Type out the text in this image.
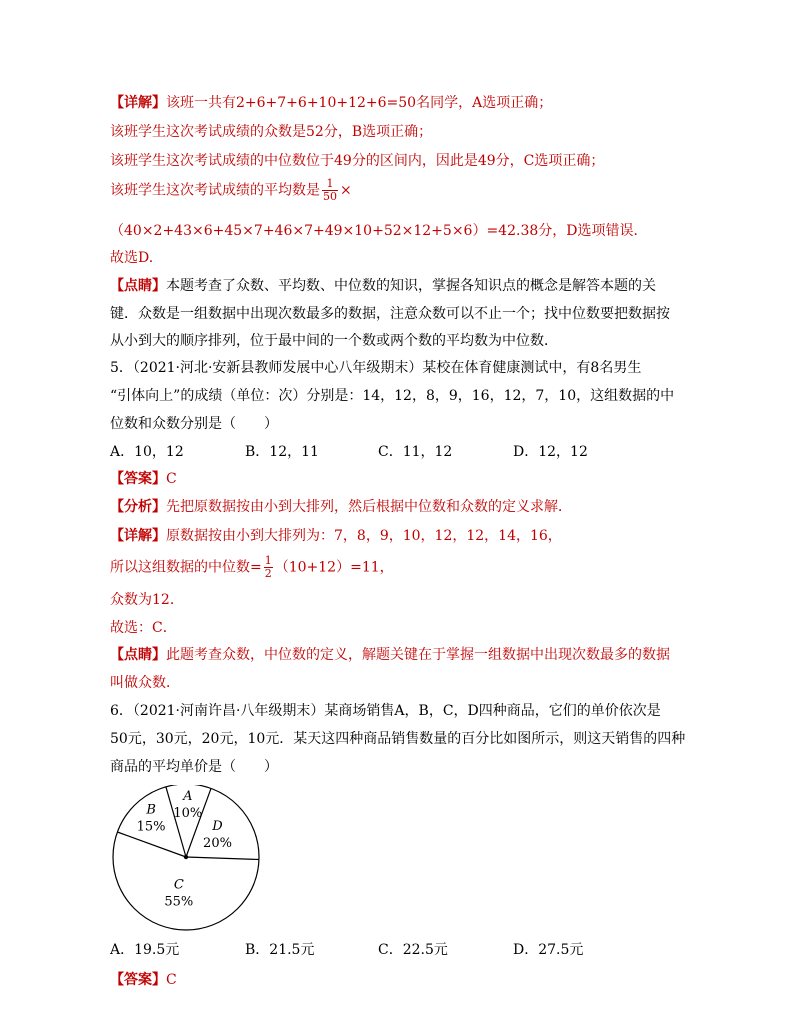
【详解】该班一共有2+6+7+6+10+12+6=50名同学，A选项正确；
该班学生这次考试成绩的众数是52分，B选项正确；
该班学生这次考试成绩的中位数位于49分的区间内，因此是49分，C选项正确；
该班学生这次考试成绩的平均数是 $\frac{1}{50}$ ×
（40×2+43×6+45×7+46×7+49×10+52×12+5×6）=42.38分，D选项错误．
故选D.
【点睛】本题考查了众数、平均数、中位数的知识，掌握各知识点的概念是解答本题的关
键．众数是一组数据中出现次数最多的数据，注意众数可以不止一个；找中位数要把数据按
从小到大的顺序排列，位于最中间的一个数或两个数的平均数为中位数．
5．（2021·河北·安新县教师发展中心八年级期末）某校在体育健康测试中，有8名男生
“引体向上”的成绩（单位：次）分别是：14，12，8，9，16，12，7，10，这组数据的中
位数和众数分别是（　　）
A．10，12	B．12，11	C．11，12	D．12，12
【答案】C
【分析】先把原数据按由小到大排列，然后根据中位数和众数的定义求解．
【详解】原数据按由小到大排列为：7，8，9，10，12，12，14，16，
所以这组数据的中位数= $\frac{1}{2} (10+12)=11$，
众数为12．
故选：C．
【点睛】此题考查众数，中位数的定义，解题关键在于掌握一组数据中出现次数最多的数据
叫做众数．
6．（2021·河南许昌·八年级期末）某商场销售A，B，C，D四种商品，它们的单价依次是
50元，30元，20元，10元．某天这四种商品销售数量的百分比如图所示，则这天销售的四种
商品的平均单价是（　　）
D
20%
C
55%
B
15%
A
10%
A．19.5元	B．21.5元	C．22.5元	D．27.5元
【答案】C
